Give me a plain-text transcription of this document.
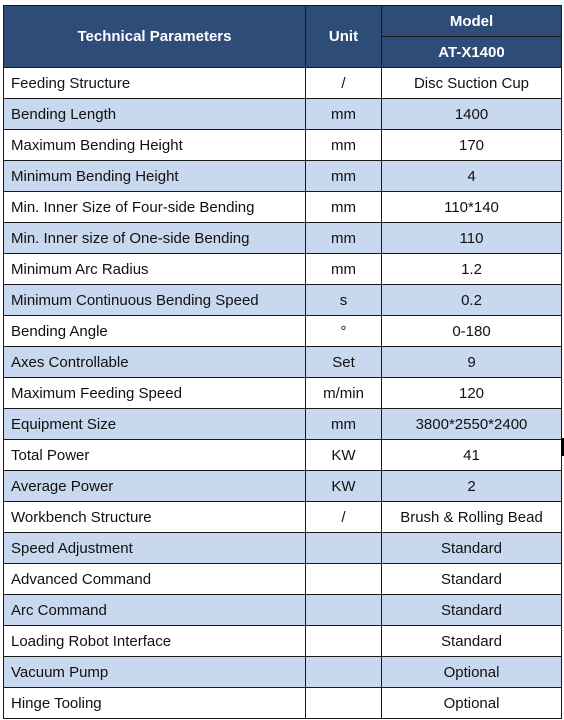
Technical Parameters	Unit	Model
		AT-X1400
Feeding Structure	/	Disc Suction Cup
Bending Length	mm	1400
Maximum Bending Height	mm	170
Minimum Bending Height	mm	4
Min. Inner Size of Four-side Bending	mm	110*140
Min. Inner size of One-side Bending	mm	110
Minimum Arc Radius	mm	1.2
Minimum Continuous Bending Speed	s	0.2
Bending Angle	°	0-180
Axes Controllable	Set	9
Maximum Feeding Speed	m/min	120
Equipment Size	mm	3800*2550*2400
Total Power	KW	41
Average Power	KW	2
Workbench Structure	/	Brush & Rolling Bead
Speed Adjustment		Standard
Advanced Command		Standard
Arc Command		Standard
Loading Robot Interface		Standard
Vacuum Pump		Optional
Hinge Tooling		Optional
